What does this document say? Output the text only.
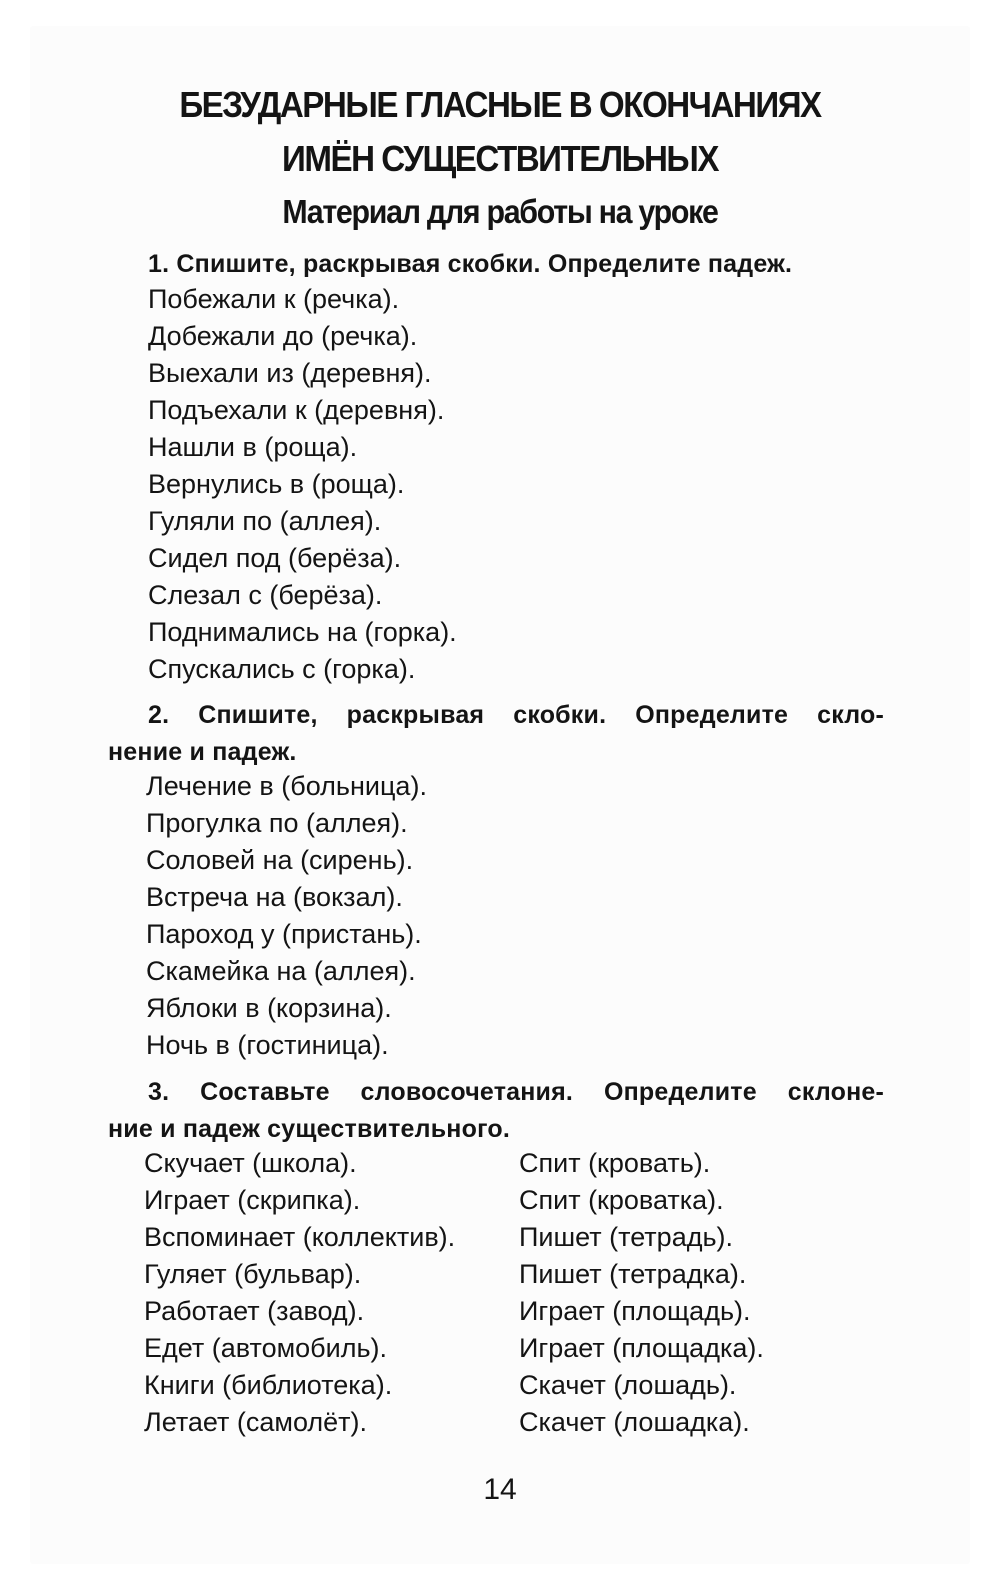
БЕЗУДАРНЫЕ ГЛАСНЫЕ В ОКОНЧАНИЯХ
ИМЁН СУЩЕСТВИТЕЛЬНЫХ
Материал для работы на уроке
1. Спишите, раскрывая скобки. Определите падеж.
Побежали к (речка).
Добежали до (речка).
Выехали из (деревня).
Подъехали к (деревня).
Нашли в (роща).
Вернулись в (роща).
Гуляли по (аллея).
Сидел под (берёза).
Слезал с (берёза).
Поднимались на (горка).
Спускались с (горка).
2. Спишите, раскрывая скобки. Определите скло-
нение и падеж.
Лечение в (больница).
Прогулка по (аллея).
Соловей на (сирень).
Встреча на (вокзал).
Пароход у (пристань).
Скамейка на (аллея).
Яблоки в (корзина).
Ночь в (гостиница).
3. Составьте словосочетания. Определите склоне-
ние и падеж существительного.
Скучает (школа).
Играет (скрипка).
Вспоминает (коллектив).
Гуляет (бульвар).
Работает (завод).
Едет (автомобиль).
Книги (библиотека).
Летает (самолёт).
Спит (кровать).
Спит (кроватка).
Пишет (тетрадь).
Пишет (тетрадка).
Играет (площадь).
Играет (площадка).
Скачет (лошадь).
Скачет (лошадка).
14
